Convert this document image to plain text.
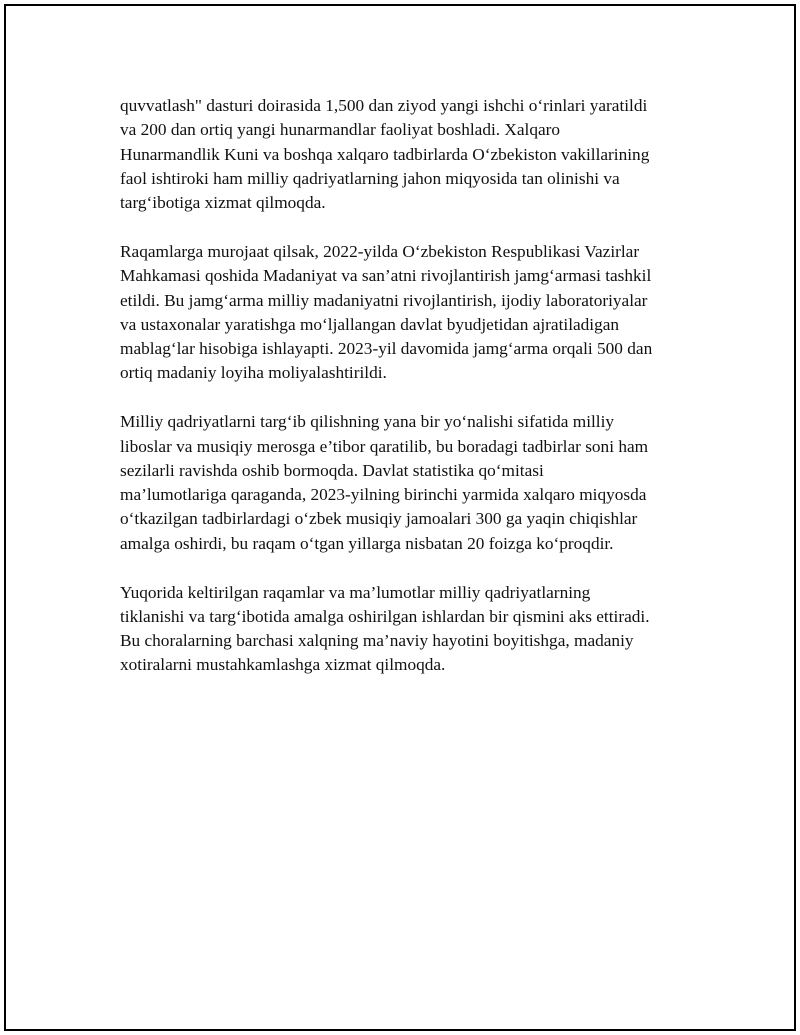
quvvatlash" dasturi doirasida 1,500 dan ziyod yangi ishchi o‘rinlari yaratildi
va 200 dan ortiq yangi hunarmandlar faoliyat boshladi. Xalqaro
Hunarmandlik Kuni va boshqa xalqaro tadbirlarda O‘zbekiston vakillarining
faol ishtiroki ham milliy qadriyatlarning jahon miqyosida tan olinishi va
targ‘ibotiga xizmat qilmoqda.

Raqamlarga murojaat qilsak, 2022-yilda O‘zbekiston Respublikasi Vazirlar
Mahkamasi qoshida Madaniyat va san’atni rivojlantirish jamg‘armasi tashkil
etildi. Bu jamg‘arma milliy madaniyatni rivojlantirish, ijodiy laboratoriyalar
va ustaxonalar yaratishga mo‘ljallangan davlat byudjetidan ajratiladigan
mablag‘lar hisobiga ishlayapti. 2023-yil davomida jamg‘arma orqali 500 dan
ortiq madaniy loyiha moliyalashtirildi.

Milliy qadriyatlarni targ‘ib qilishning yana bir yo‘nalishi sifatida milliy
liboslar va musiqiy merosga e’tibor qaratilib, bu boradagi tadbirlar soni ham
sezilarli ravishda oshib bormoqda. Davlat statistika qo‘mitasi
ma’lumotlariga qaraganda, 2023-yilning birinchi yarmida xalqaro miqyosda
o‘tkazilgan tadbirlardagi o‘zbek musiqiy jamoalari 300 ga yaqin chiqishlar
amalga oshirdi, bu raqam o‘tgan yillarga nisbatan 20 foizga ko‘proqdir.

Yuqorida keltirilgan raqamlar va ma’lumotlar milliy qadriyatlarning
tiklanishi va targ‘ibotida amalga oshirilgan ishlardan bir qismini aks ettiradi.
Bu choralarning barchasi xalqning ma’naviy hayotini boyitishga, madaniy
xotiralarni mustahkamlashga xizmat qilmoqda.
